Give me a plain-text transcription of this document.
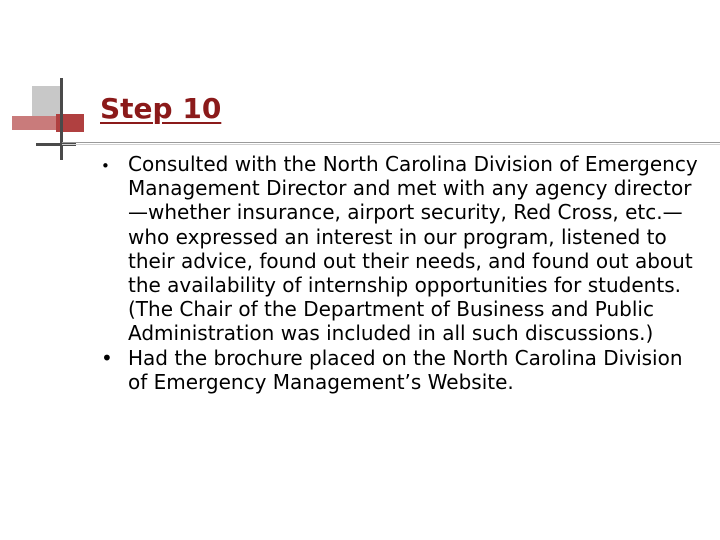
Step 10
• Consulted with the North Carolina Division of Emergency Management Director and met with any agency director—whether insurance, airport security, Red Cross, etc.—who expressed an interest in our program, listened to their advice, found out their needs, and found out about the availability of internship opportunities for students. (The Chair of the Department of Business and Public Administration was included in all such discussions.)
• Had the brochure placed on the North Carolina Division of Emergency Management’s Website.
